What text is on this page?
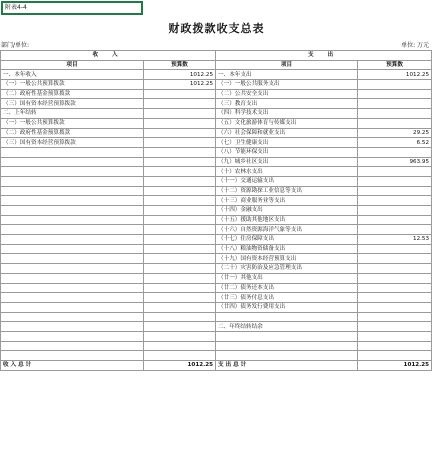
附表4-4
财政拨款收支总表
部门/单位:	单位: 万元
收 入		支 出	
项目	预算数	项目	预算数
一、本年收入	1012.25	一、本年支出	1012.25
（一）一般公共预算拨款	1012.25	（一）一般公共服务支出	
（二）政府性基金预算拨款		（二）公共安全支出	
（三）国有资本经营预算拨款		（三）教育支出	
二、上年结转		（四）科学技术支出	
（一）一般公共预算拨款		（五）文化旅游体育与传媒支出	
（二）政府性基金预算拨款		（六）社会保障和就业支出	29.25
（三）国有资本经营预算拨款		（七）卫生健康支出	6.52
		（八）节能环保支出	
		（九）城乡社区支出	963.95
		（十）农林水支出	
		（十一）交通运输支出	
		（十二）资源勘探工业信息等支出	
		（十三）商业服务业等支出	
		（十四）金融支出	
		（十五）援助其他地区支出	
		（十六）自然资源海洋气象等支出	
		（十七）住房保障支出	12.53
		（十八）粮油物资储备支出	
		（十九）国有资本经营预算支出	
		（二十）灾害防治及应急管理支出	
		（廿一）其他支出	
		（廿二）债务还本支出	
		（廿三）债务付息支出	
		（廿四）债务发行费用支出	

		二、年终结转结余	

收 入 总 计	1012.25	支 出 总 计	1012.25
